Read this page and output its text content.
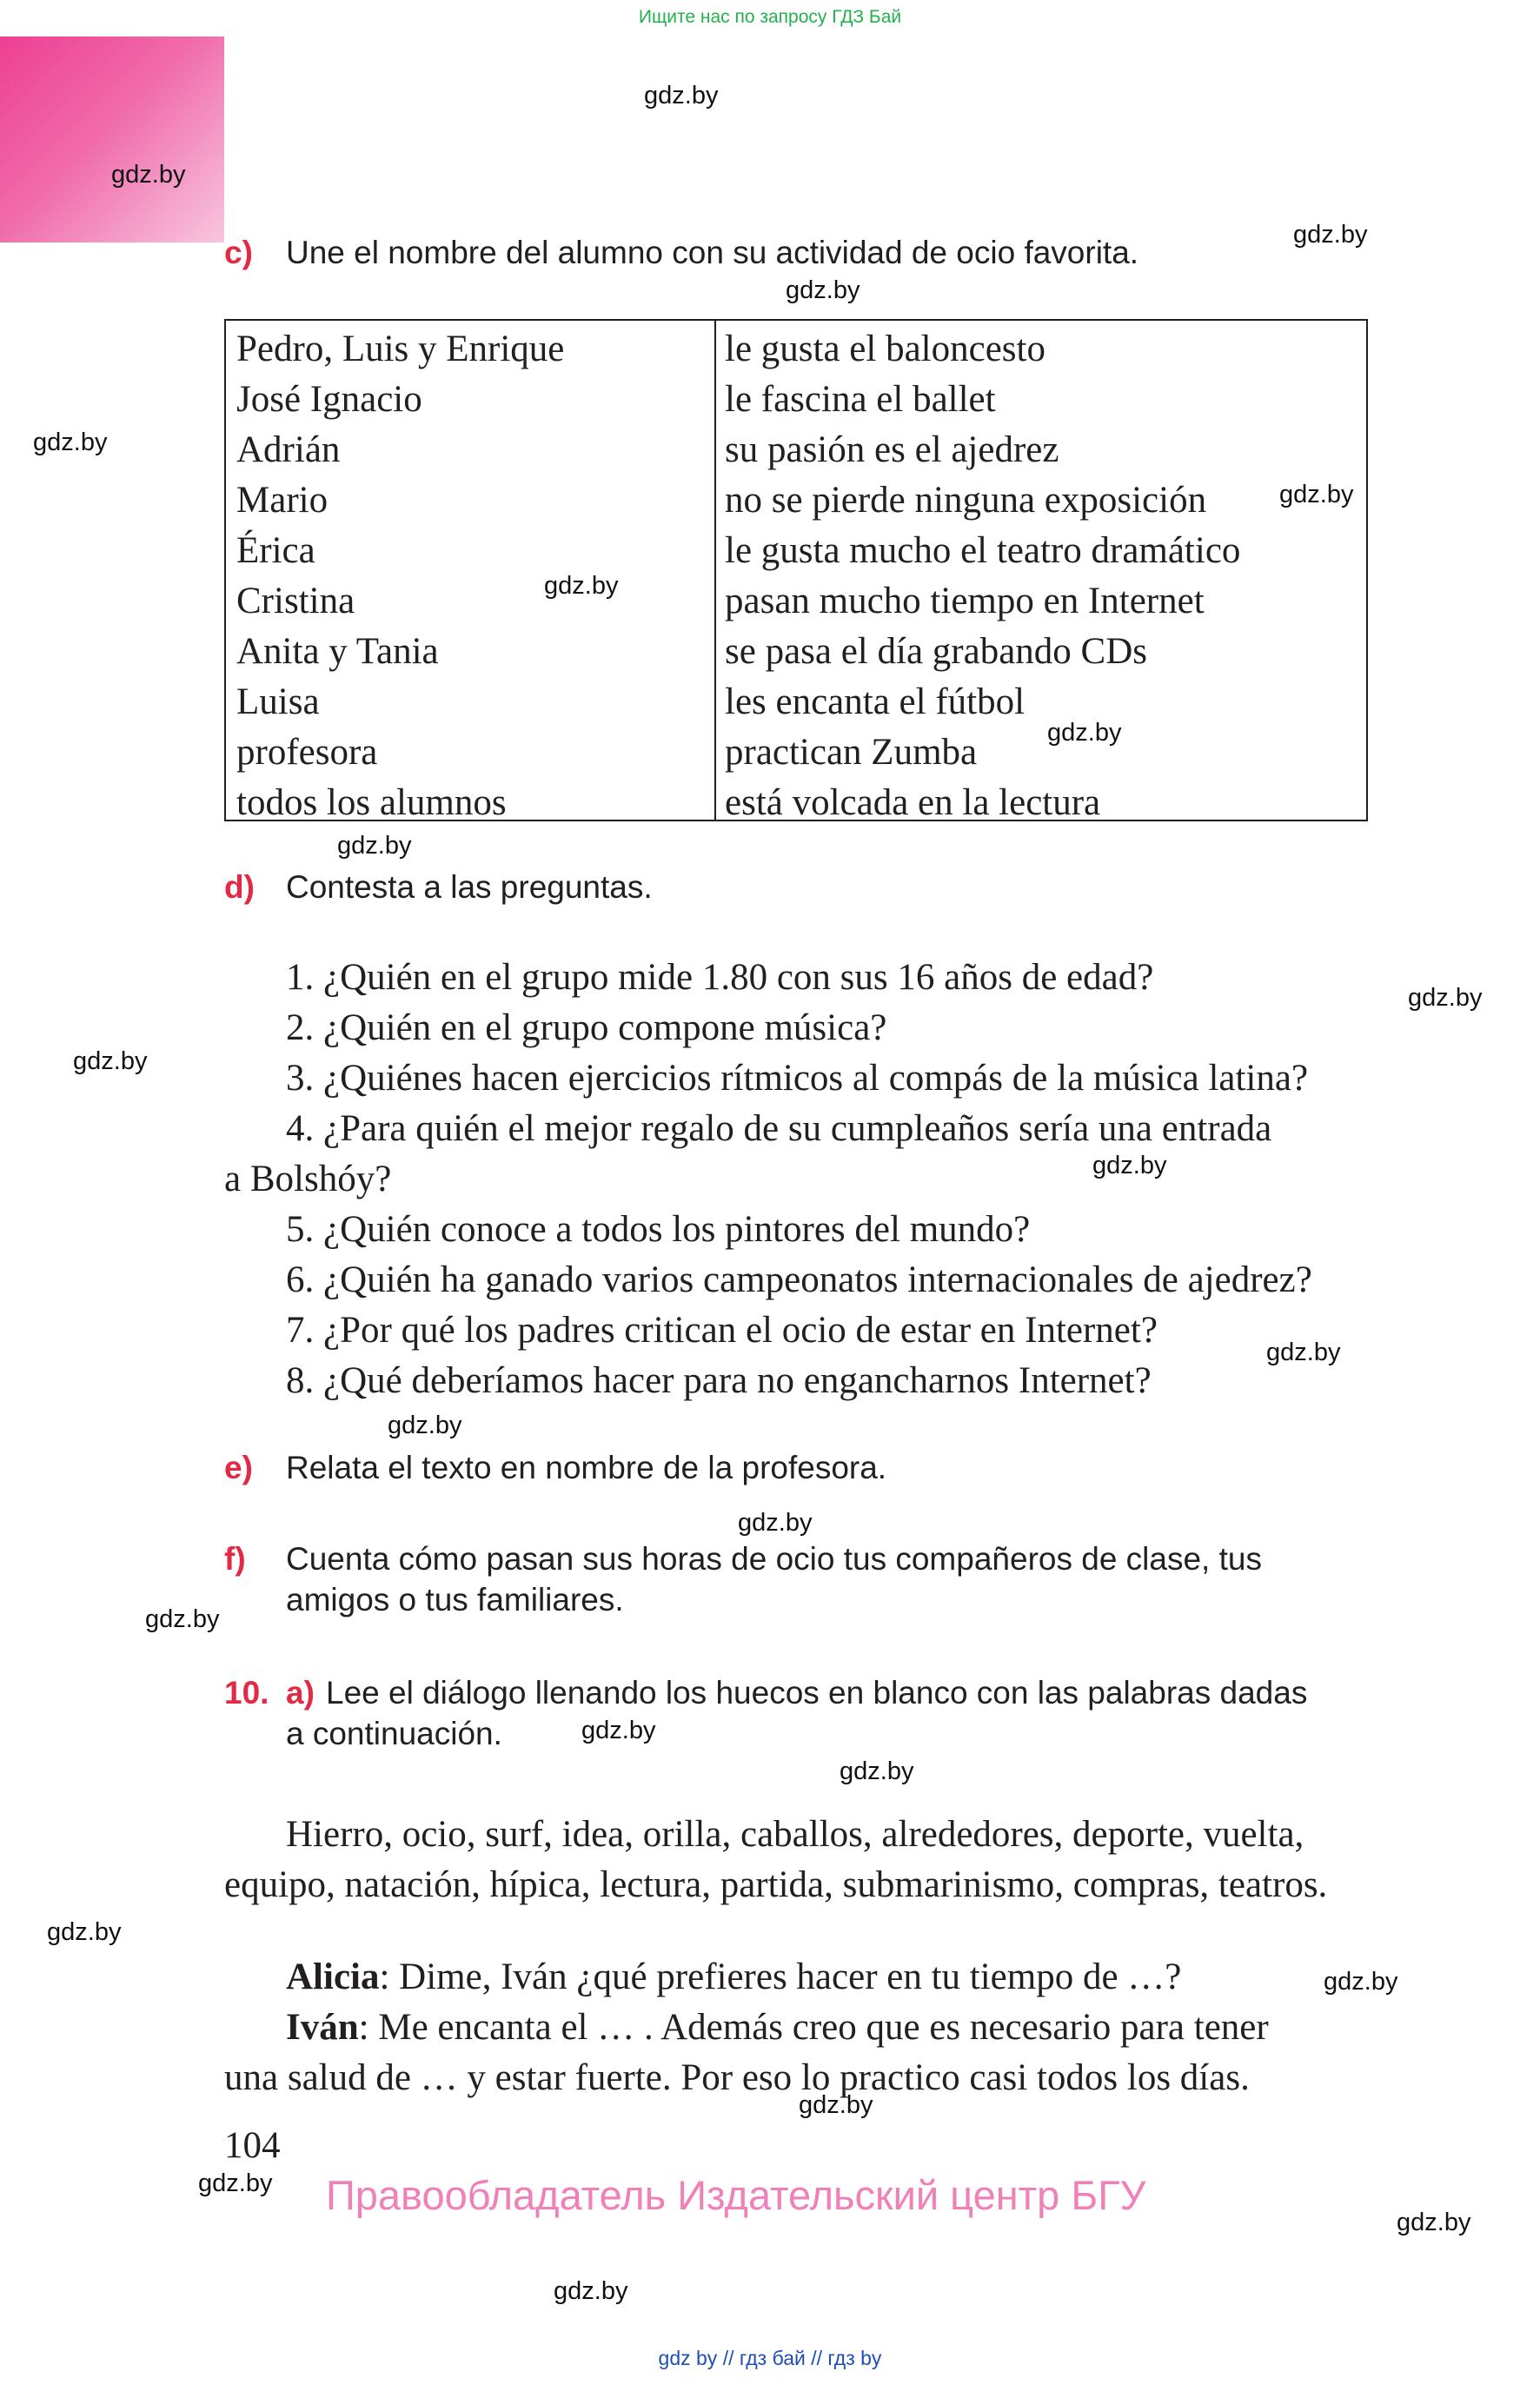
Ищите нас по запросу ГДЗ Бай
gdz.by
gdz.by
gdz.by
gdz.by
gdz.by
gdz.by
gdz.by
gdz.by
gdz.by
gdz.by
gdz.by
gdz.by
gdz.by
gdz.by
gdz.by
gdz.by
gdz.by
gdz.by
gdz.by
gdz.by
gdz.by
gdz.by
gdz.by
gdz.by
c) Une el nombre del alumno con su actividad de ocio favorita.
Pedro, Luis y Enrique
José Ignacio
Adrián
Mario
Érica
Cristina
Anita y Tania
Luisa
profesora
todos los alumnos
le gusta el baloncesto
le fascina el ballet
su pasión es el ajedrez
no se pierde ninguna exposición
le gusta mucho el teatro dramático
pasan mucho tiempo en Internet
se pasa el día grabando CDs
les encanta el fútbol
practican Zumba
está volcada en la lectura
d) Contesta a las preguntas.
1. ¿Quién en el grupo mide 1.80 con sus 16 años de edad?
2. ¿Quién en el grupo compone música?
3. ¿Quiénes hacen ejercicios rítmicos al compás de la música latina?
4. ¿Para quién el mejor regalo de su cumpleaños sería una entrada
a Bolshóy?
5. ¿Quién conoce a todos los pintores del mundo?
6. ¿Quién ha ganado varios campeonatos internacionales de ajedrez?
7. ¿Por qué los padres critican el ocio de estar en Internet?
8. ¿Qué deberíamos hacer para no engancharnos Internet?
e) Relata el texto en nombre de la profesora.
f) Cuenta cómo pasan sus horas de ocio tus compañeros de clase, tus
amigos o tus familiares.
10. a) Lee el diálogo llenando los huecos en blanco con las palabras dadas
a continuación.
Hierro, ocio, surf, idea, orilla, caballos, alrededores, deporte, vuelta,
equipo, natación, hípica, lectura, partida, submarinismo, compras, teatros.
Alicia: Dime, Iván ¿qué prefieres hacer en tu tiempo de …?
Iván: Me encanta el … . Además creo que es necesario para tener
una salud de … y estar fuerte. Por eso lo practico casi todos los días.
104
Правообладатель Издательский центр БГУ
gdz by // гдз бай // гдз by
